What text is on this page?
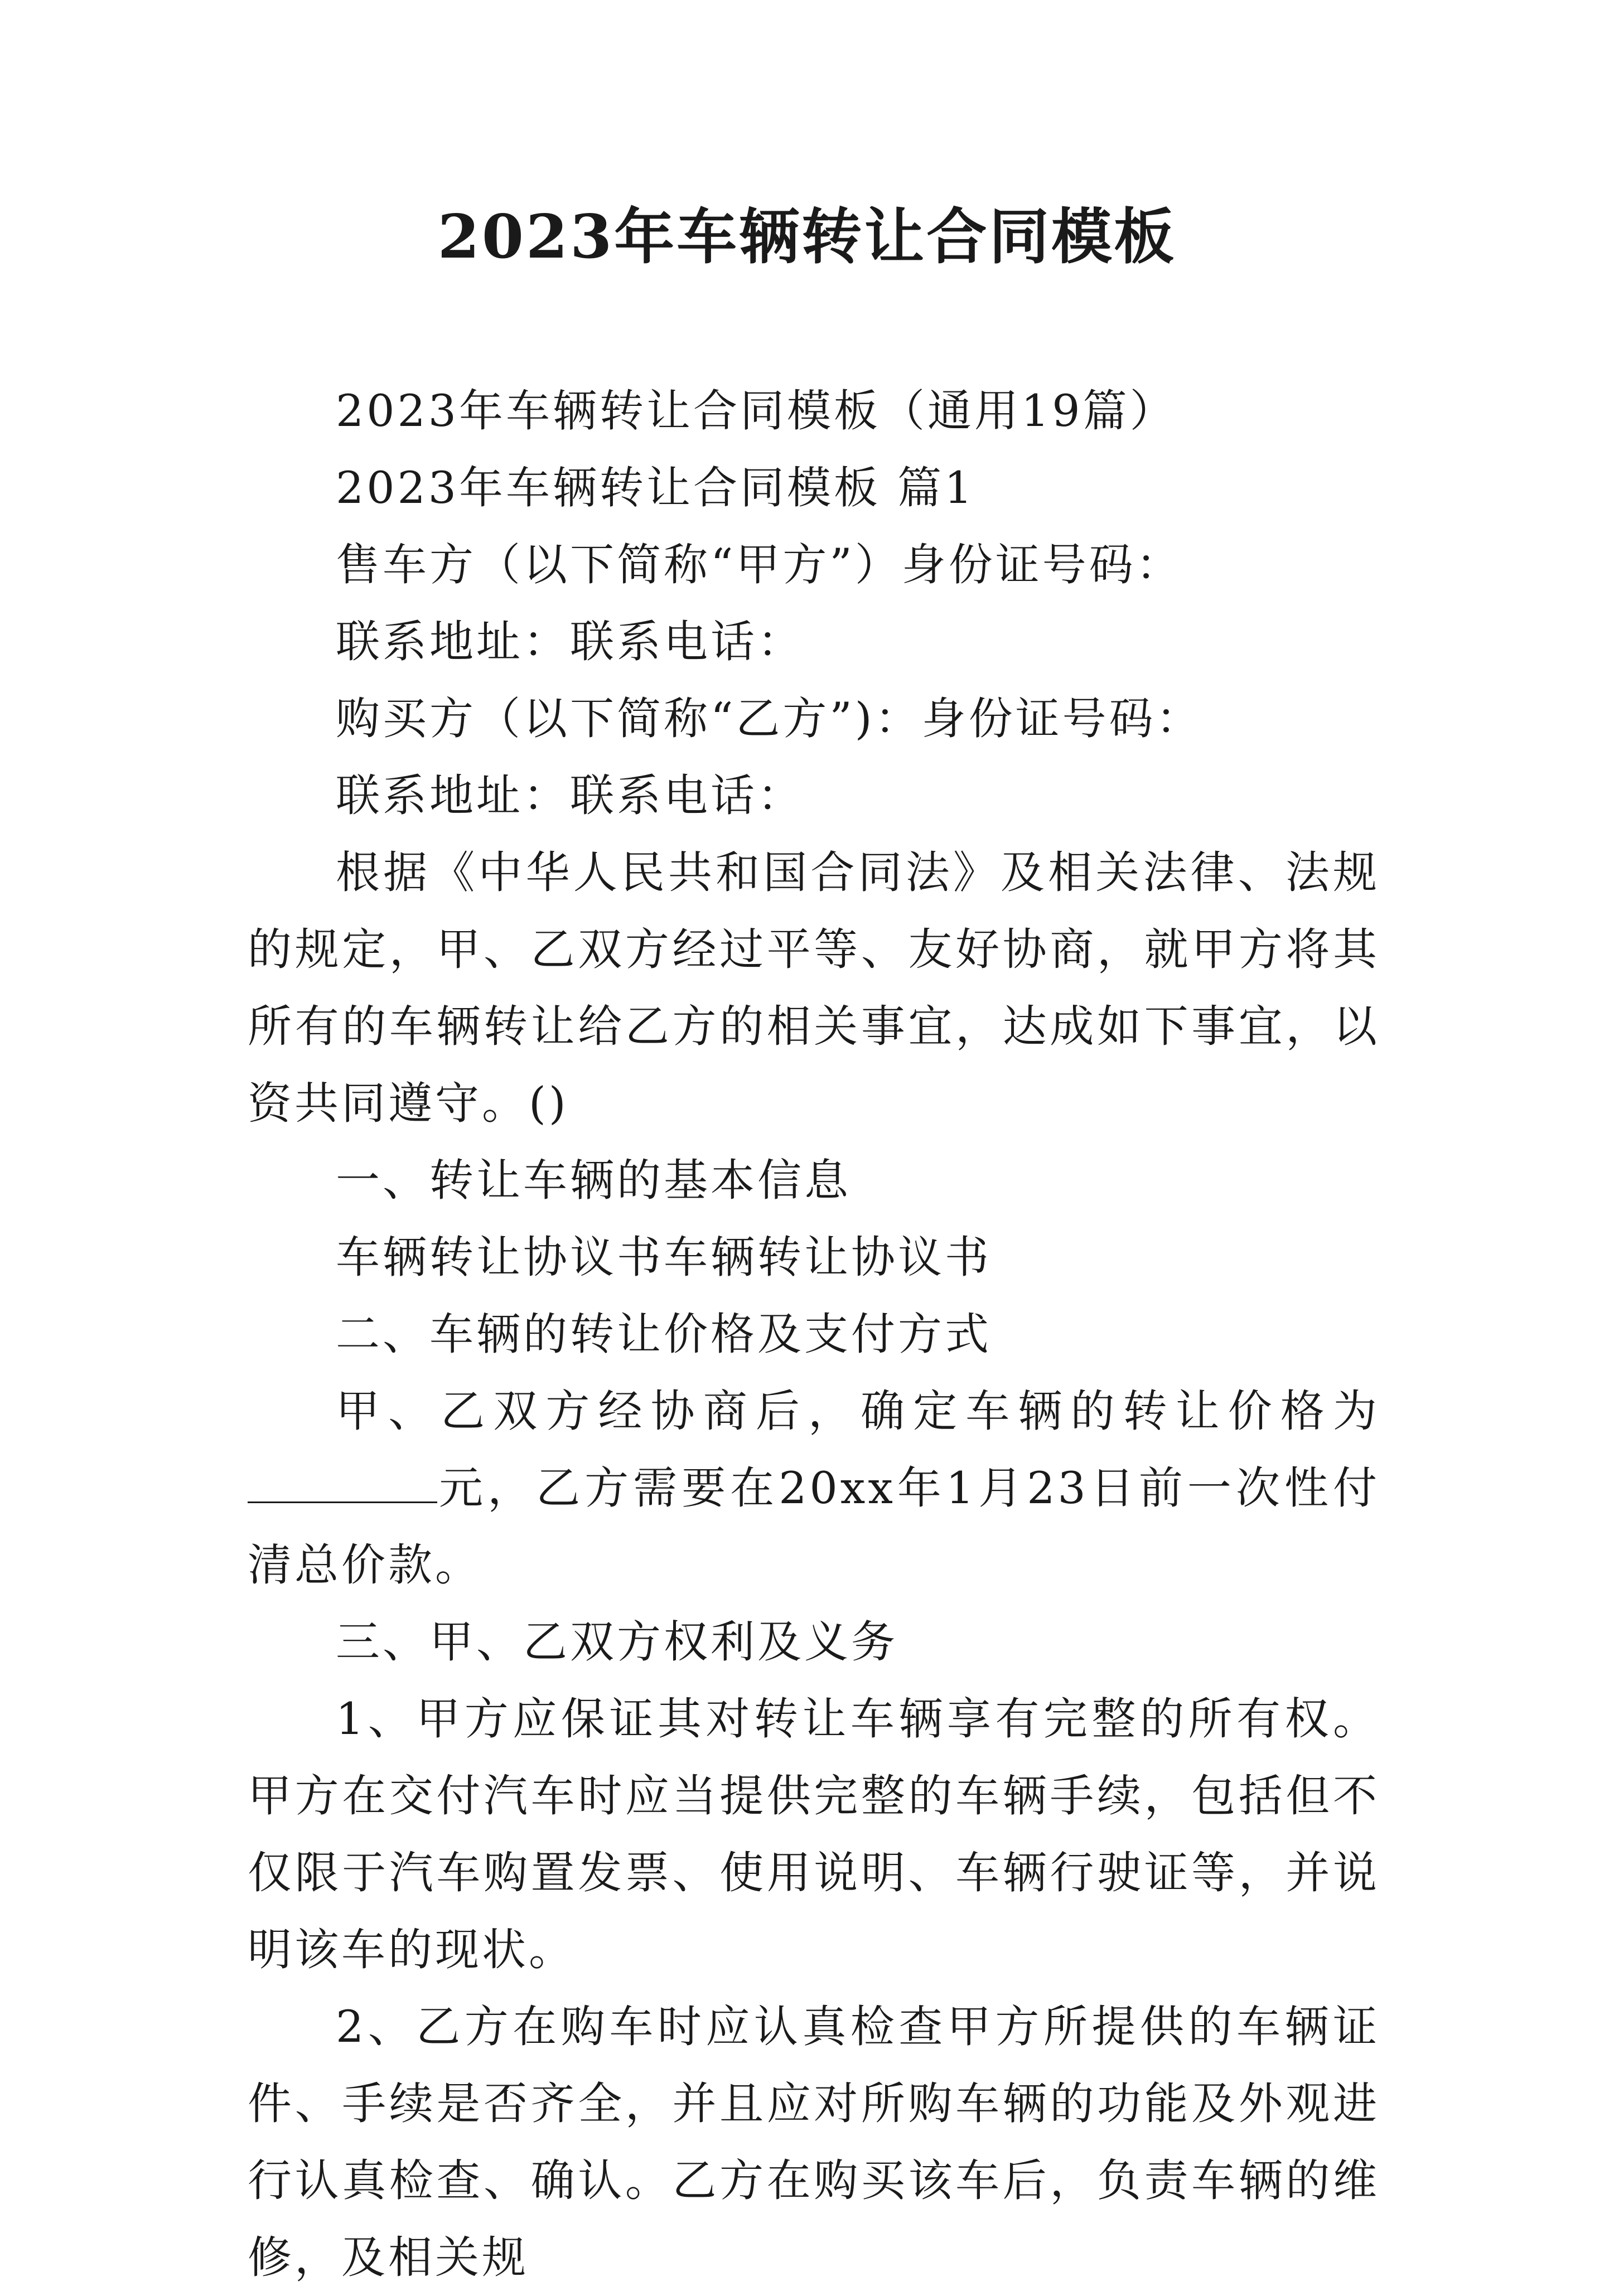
2023年车辆转让合同模板

2023年车辆转让合同模板（通用19篇）

2023年车辆转让合同模板 篇1

售车方（以下简称“甲方”）身份证号码：

联系地址：联系电话：

购买方（以下简称“乙方”)：身份证号码：

联系地址：联系电话：

根据《中华人民共和国合同法》及相关法律、法规的规定，甲、乙双方经过平等、友好协商，就甲方将其所有的车辆转让给乙方的相关事宜，达成如下事宜，以资共同遵守。()

一、转让车辆的基本信息

车辆转让协议书车辆转让协议书

二、车辆的转让价格及支付方式

甲、乙双方经协商后，确定车辆的转让价格为元，乙方需要在20xx年1月23日前一次性付清总价款。

三、甲、乙双方权利及义务

1、甲方应保证其对转让车辆享有完整的所有权。甲方在交付汽车时应当提供完整的车辆手续，包括但不仅限于汽车购置发票、使用说明、车辆行驶证等，并说明该车的现状。

2、乙方在购车时应认真检查甲方所提供的车辆证件、手续是否齐全，并且应对所购车辆的功能及外观进行认真检查、确认。乙方在购买该车后，负责车辆的维修，及相关规
